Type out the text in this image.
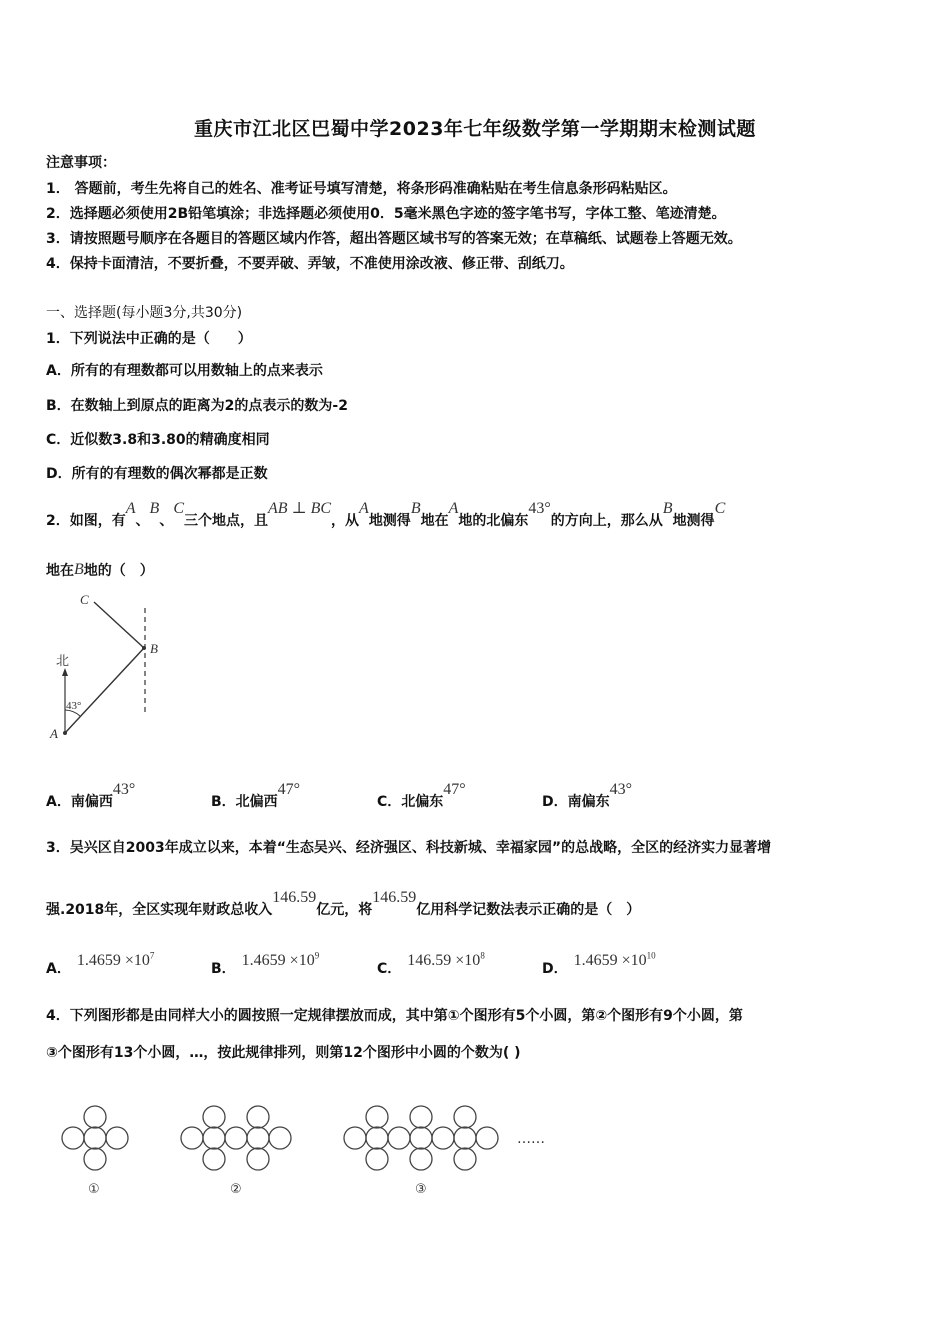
重庆市江北区巴蜀中学2023年七年级数学第一学期期末检测试题
注意事项：
1． 答题前，考生先将自己的姓名、准考证号填写清楚，将条形码准确粘贴在考生信息条形码粘贴区。
2．选择题必须使用2B铅笔填涂；非选择题必须使用0．5毫米黑色字迹的签字笔书写，字体工整、笔迹清楚。
3．请按照题号顺序在各题目的答题区域内作答，超出答题区域书写的答案无效；在草稿纸、试题卷上答题无效。
4．保持卡面清洁，不要折叠，不要弄破、弄皱，不准使用涂改液、修正带、刮纸刀。
一、选择题(每小题3分,共30分)
1．下列说法中正确的是（　　）
A．所有的有理数都可以用数轴上的点来表示
B．在数轴上到原点的距离为2的点表示的数为-2
C．近似数3.8和3.80的精确度相同
D．所有的有理数的偶次幂都是正数
2．如图，有A、B、C三个地点，且AB ⊥ BC，从A地测得B地在A地的北偏东43°的方向上，那么从B地测得C
地在B地的（　）
C
B
A
北
43°
A．南偏西43°
B．北偏西47°
C．北偏东47°
D．南偏东43°
3．吴兴区自2003年成立以来，本着“生态吴兴、经济强区、科技新城、幸福家园”的总战略，全区的经济实力显著增
强.2018年，全区实现年财政总收入146.59亿元，将146.59亿用科学记数法表示正确的是（　）
A． $1.4659 \times 10^7$
B． $1.4659 \times 10^9$
C． $146.59 \times 10^8$
D． $1.4659 \times 10^{10}$
4．下列图形都是由同样大小的圆按照一定规律摆放而成，其中第①个图形有5个小圆，第②个图形有9个小圆，第
③个图形有13个小圆，…，按此规律排列，则第12个图形中小圆的个数为( )
……
①	②	③
